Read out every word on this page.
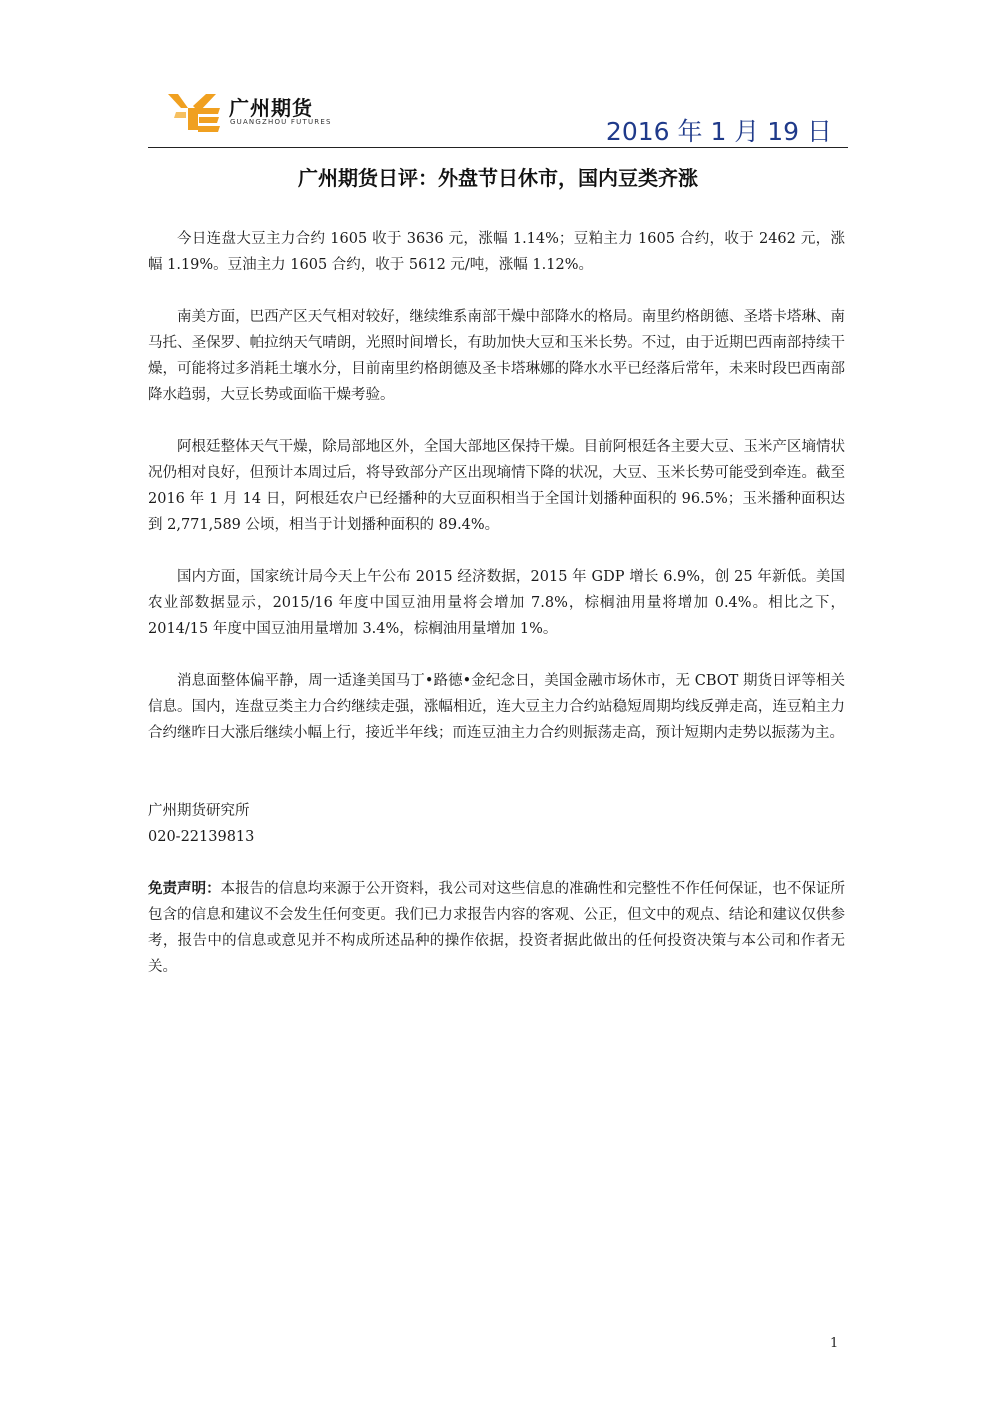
广州期货
GUANGZHOU FUTURES	2016 年 1 月 19 日
广州期货日评：外盘节日休市，国内豆类齐涨

今日连盘大豆主力合约 1605 收于 3636 元，涨幅 1.14%；豆粕主力 1605 合约，收于 2462 元，涨幅 1.19%。豆油主力 1605 合约，收于 5612 元/吨，涨幅 1.12%。

南美方面，巴西产区天气相对较好，继续维系南部干燥中部降水的格局。南里约格朗德、圣塔卡塔琳、南马托、圣保罗、帕拉纳天气晴朗，光照时间增长，有助加快大豆和玉米长势。不过，由于近期巴西南部持续干燥，可能将过多消耗土壤水分，目前南里约格朗德及圣卡塔琳娜的降水水平已经落后常年，未来时段巴西南部降水趋弱，大豆长势或面临干燥考验。

阿根廷整体天气干燥，除局部地区外，全国大部地区保持干燥。目前阿根廷各主要大豆、玉米产区墒情状况仍相对良好，但预计本周过后，将导致部分产区出现墒情下降的状况，大豆、玉米长势可能受到牵连。截至 2016 年 1 月 14 日，阿根廷农户已经播种的大豆面积相当于全国计划播种面积的 96.5%；玉米播种面积达到 2,771,589 公顷，相当于计划播种面积的 89.4%。

国内方面，国家统计局今天上午公布 2015 经济数据，2015 年 GDP 增长 6.9%，创 25 年新低。美国农业部数据显示，2015/16 年度中国豆油用量将会增加 7.8%，棕榈油用量将增加 0.4%。相比之下，2014/15 年度中国豆油用量增加 3.4%，棕榈油用量增加 1%。

消息面整体偏平静，周一适逢美国马丁•路德•金纪念日，美国金融市场休市，无 CBOT 期货日评等相关信息。国内，连盘豆类主力合约继续走强，涨幅相近，连大豆主力合约站稳短周期均线反弹走高，连豆粕主力合约继昨日大涨后继续小幅上行，接近半年线；而连豆油主力合约则振荡走高，预计短期内走势以振荡为主。

广州期货研究所
020-22139813
免责声明：本报告的信息均来源于公开资料，我公司对这些信息的准确性和完整性不作任何保证，也不保证所包含的信息和建议不会发生任何变更。我们已力求报告内容的客观、公正，但文中的观点、结论和建议仅供参考，报告中的信息或意见并不构成所述品种的操作依据，投资者据此做出的任何投资决策与本公司和作者无关。
1
